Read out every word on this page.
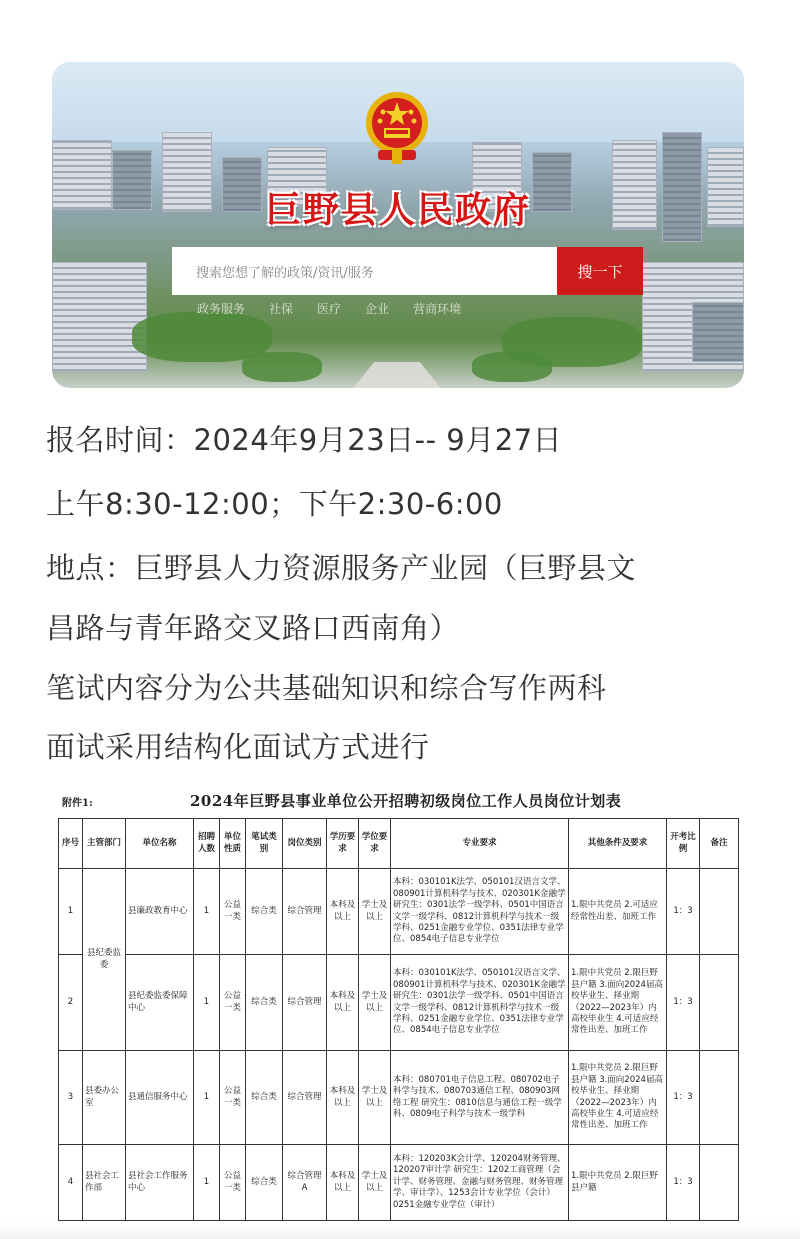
巨野县人民政府
搜索您想了解的政策/资讯/服务	搜一下
政务服务 社保 医疗 企业 营商环境
报名时间：2024年9月23日-- 9月27日
上午8:30-12:00；下午2:30-6:00
地点：巨野县人力资源服务产业园（巨野县文
昌路与青年路交叉路口西南角）
笔试内容分为公共基础知识和综合写作两科
面试采用结构化面试方式进行
附件1:	2024年巨野县事业单位公开招聘初级岗位工作人员岗位计划表
序号	主管部门	单位名称	招聘人数	单位性质	笔试类别	岗位类别	学历要求	学位要求	专业要求	其他条件及要求	开考比例	备注
1	县纪委监委	县廉政教育中心	1	公益一类	综合类	综合管理	本科及以上	学士及以上	本科：030101K法学、050101汉语言文学、080901计算机科学与技术、020301K金融学 研究生：0301法学一级学科、0501中国语言文学一级学科、0812计算机科学与技术一级学科、0251金融专业学位、0351法律专业学位、0854电子信息专业学位	1.限中共党员 2.可适应经常性出差、加班工作	1：3	
2		县纪委监委保障中心	1	公益一类	综合类	综合管理	本科及以上	学士及以上	本科：030101K法学、050101汉语言文学、080901计算机科学与技术、020301K金融学 研究生：0301法学一级学科、0501中国语言文学一级学科、0812计算机科学与技术一级学科、0251金融专业学位、0351法律专业学位、0854电子信息专业学位	1.限中共党员 2.限巨野县户籍 3.面向2024届高校毕业生、择业期（2022—2023年）内高校毕业生 4.可适应经常性出差、加班工作	1：3	
3	县委办公室	县通信服务中心	1	公益一类	综合类	综合管理	本科及以上	学士及以上	本科：080701电子信息工程、080702电子科学与技术、080703通信工程、080903网络工程 研究生：0810信息与通信工程一级学科、0809电子科学与技术一级学科	1.限中共党员 2.限巨野县户籍 3.面向2024届高校毕业生、择业期（2022—2023年）内高校毕业生 4.可适应经常性出差、加班工作	1：3	
4	县社会工作部	县社会工作服务中心	1	公益一类	综合类	综合管理A	本科及以上	学士及以上	本科：120203K会计学、120204财务管理、120207审计学 研究生：1202工商管理（会计学、财务管理、金融与财务管理、财务管理学、审计学）、1253会计专业学位（会计）0251金融专业学位（审计）	1.限中共党员 2.限巨野县户籍	1：3	
